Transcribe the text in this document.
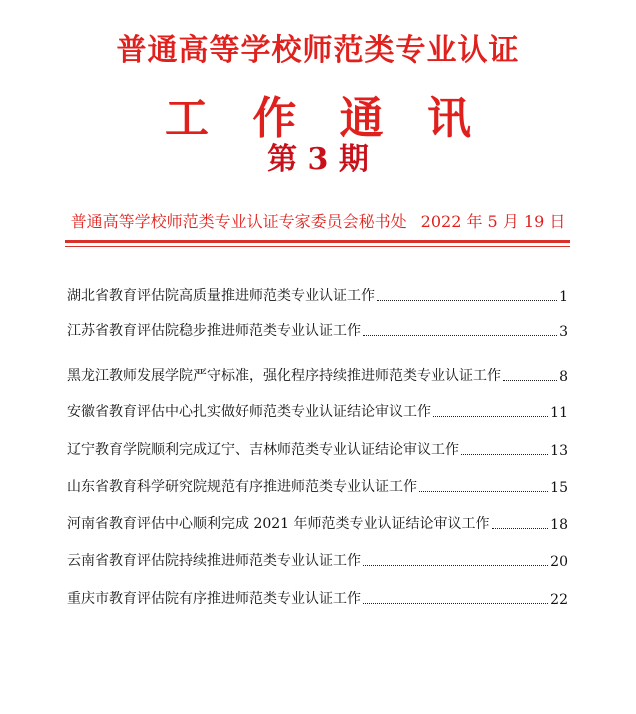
普通高等学校师范类专业认证
工 作 通 讯
第 3 期
普通高等学校师范类专业认证专家委员会秘书处 2022 年 5 月 19 日
湖北省教育评估院高质量推进师范类专业认证工作	1
江苏省教育评估院稳步推进师范类专业认证工作	3
黑龙江教师发展学院严守标准，强化程序持续推进师范类专业认证工作	8
安徽省教育评估中心扎实做好师范类专业认证结论审议工作	11
辽宁教育学院顺利完成辽宁、吉林师范类专业认证结论审议工作	13
山东省教育科学研究院规范有序推进师范类专业认证工作	15
河南省教育评估中心顺利完成 2021 年师范类专业认证结论审议工作	18
云南省教育评估院持续推进师范类专业认证工作	20
重庆市教育评估院有序推进师范类专业认证工作	22
